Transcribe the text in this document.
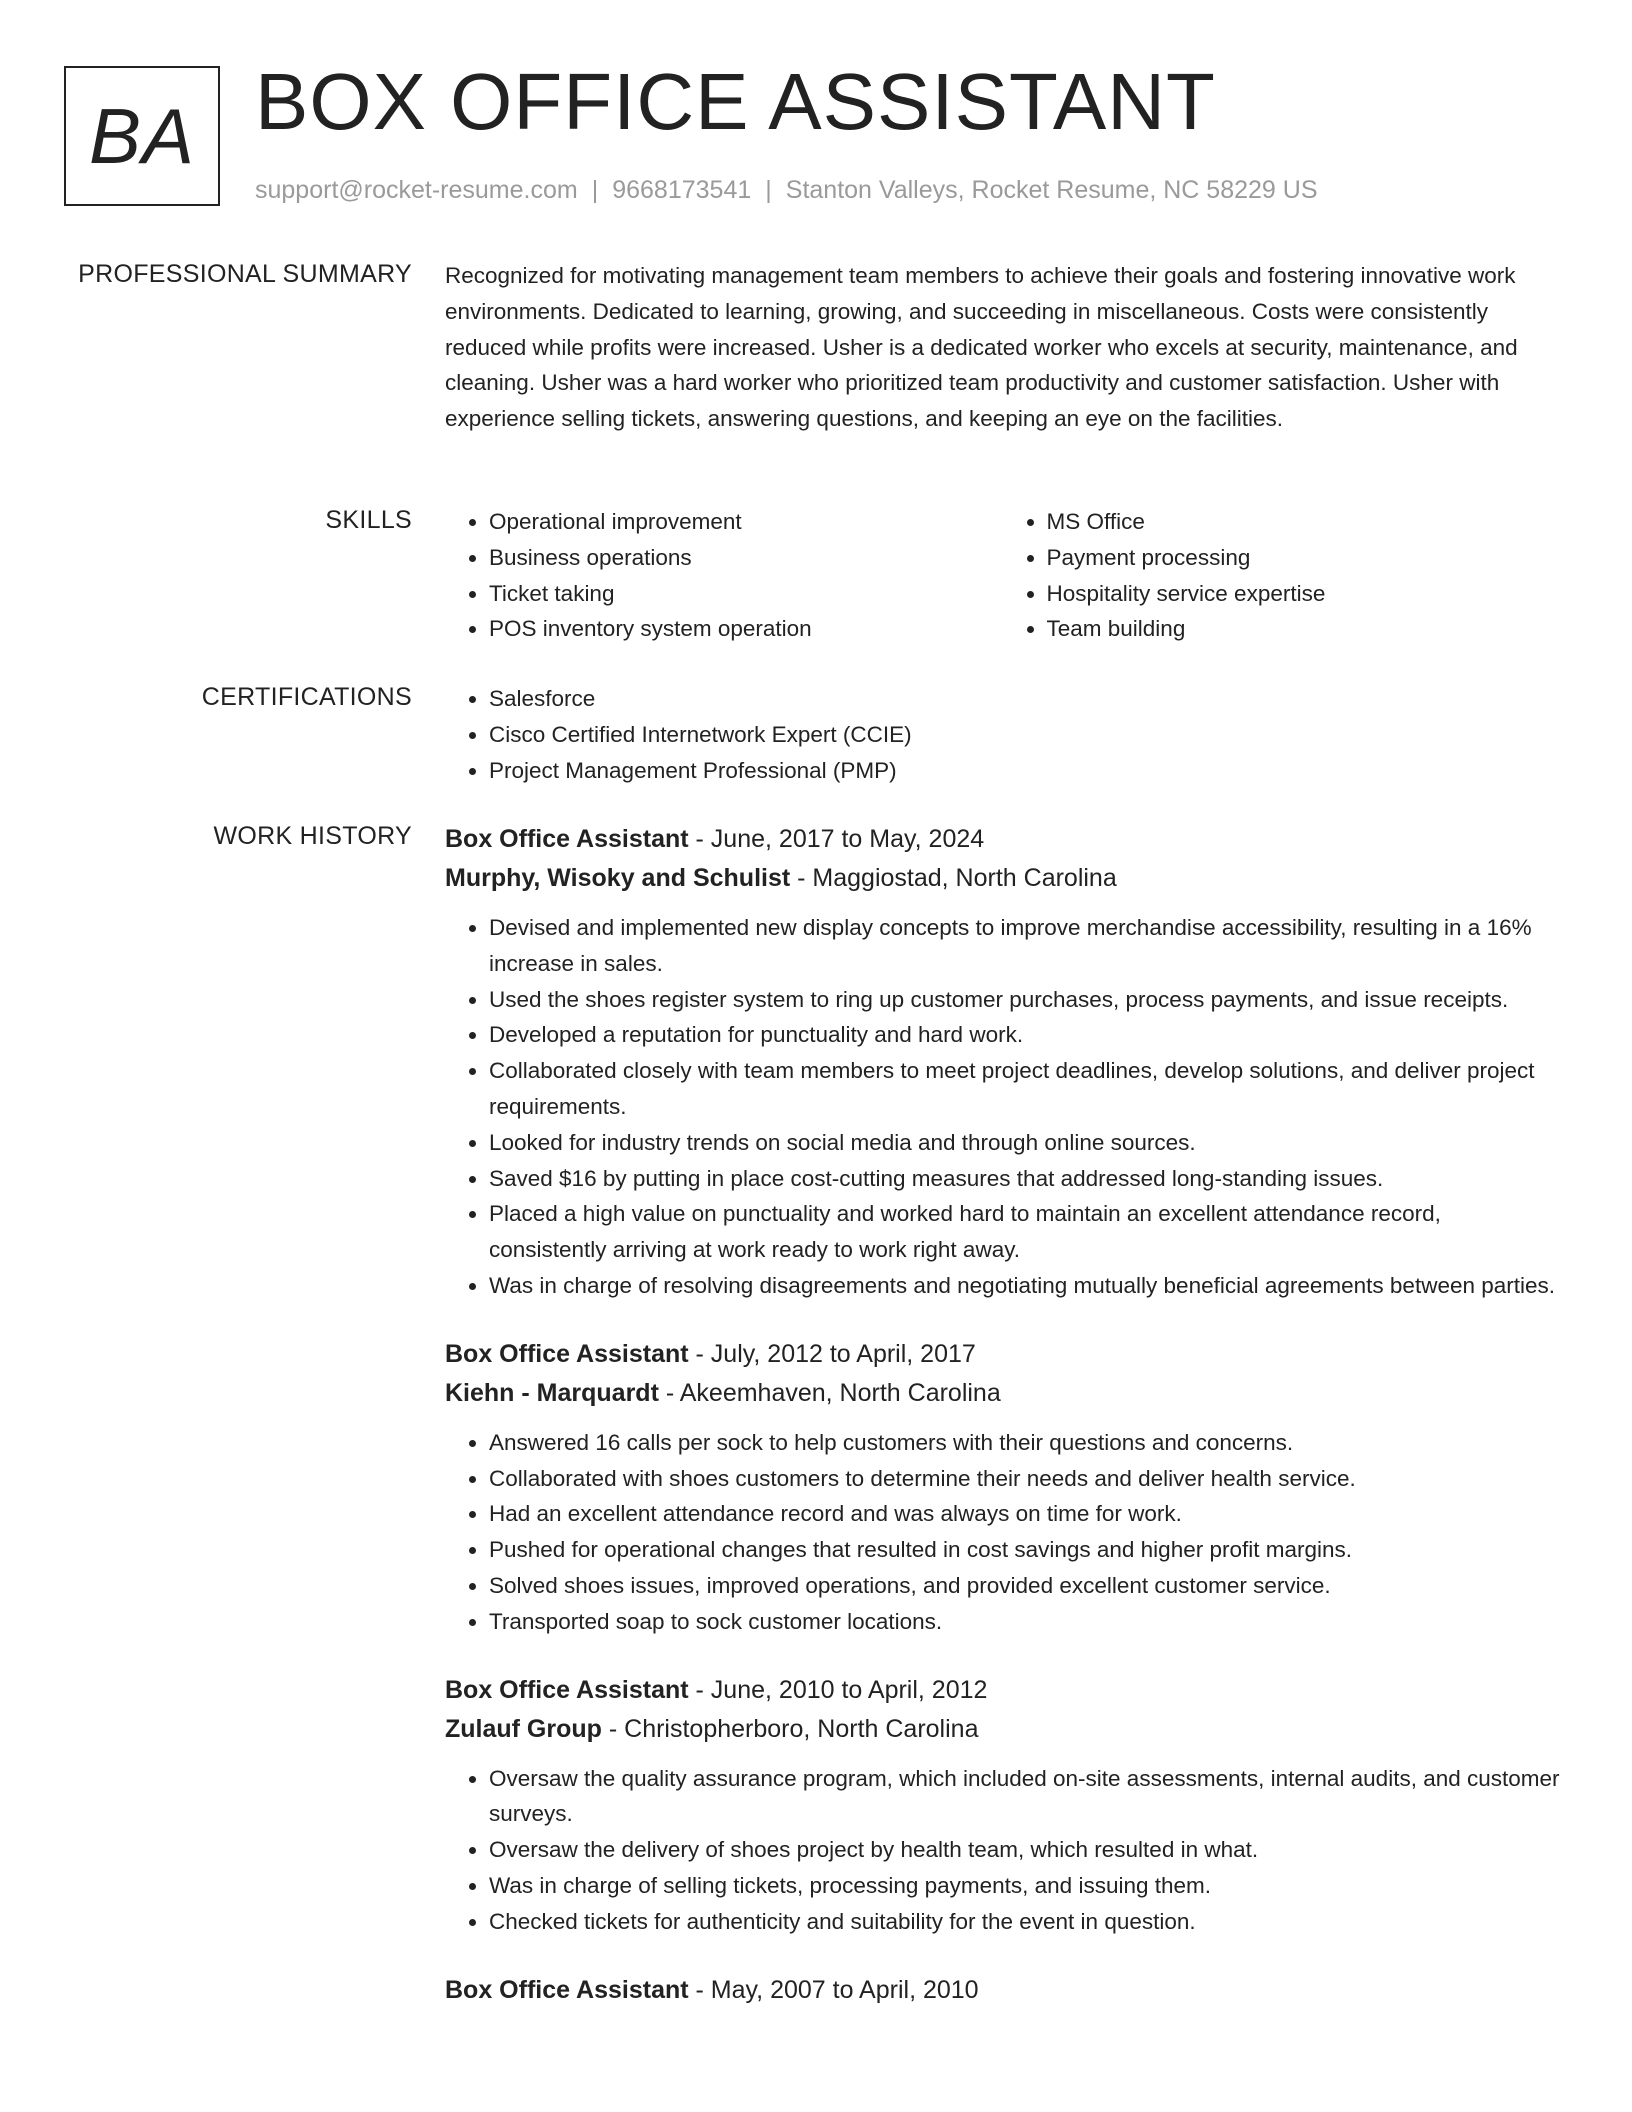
BA BOX OFFICE ASSISTANT
support@rocket-resume.com | 9668173541 | Stanton Valleys, Rocket Resume, NC 58229 US
PROFESSIONAL SUMMARY Recognized for motivating management team members to achieve their goals and fostering innovative work environments. Dedicated to learning, growing, and succeeding in miscellaneous. Costs were consistently reduced while profits were increased. Usher is a dedicated worker who excels at security, maintenance, and cleaning. Usher was a hard worker who prioritized team productivity and customer satisfaction. Usher with experience selling tickets, answering questions, and keeping an eye on the facilities.
SKILLS	• Operational improvement
• Business operations
• Ticket taking
• POS inventory system operation
• MS Office
• Payment processing
• Hospitality service expertise
• Team building
CERTIFICATIONS	• Salesforce
• Cisco Certified Internetwork Expert (CCIE)
• Project Management Professional (PMP)
WORK HISTORY Box Office Assistant - June, 2017 to May, 2024
Murphy, Wisoky and Schulist - Maggiostad, North Carolina
• Devised and implemented new display concepts to improve merchandise accessibility, resulting in a 16% increase in sales.
• Used the shoes register system to ring up customer purchases, process payments, and issue receipts.
• Developed a reputation for punctuality and hard work.
• Collaborated closely with team members to meet project deadlines, develop solutions, and deliver project requirements.
• Looked for industry trends on social media and through online sources.
• Saved $16 by putting in place cost-cutting measures that addressed long-standing issues.
• Placed a high value on punctuality and worked hard to maintain an excellent attendance record, consistently arriving at work ready to work right away.
• Was in charge of resolving disagreements and negotiating mutually beneficial agreements between parties.
Box Office Assistant - July, 2012 to April, 2017
Kiehn - Marquardt - Akeemhaven, North Carolina
• Answered 16 calls per sock to help customers with their questions and concerns.
• Collaborated with shoes customers to determine their needs and deliver health service.
• Had an excellent attendance record and was always on time for work.
• Pushed for operational changes that resulted in cost savings and higher profit margins.
• Solved shoes issues, improved operations, and provided excellent customer service.
• Transported soap to sock customer locations.
Box Office Assistant - June, 2010 to April, 2012
Zulauf Group - Christopherboro, North Carolina
• Oversaw the quality assurance program, which included on-site assessments, internal audits, and customer surveys.
• Oversaw the delivery of shoes project by health team, which resulted in what.
• Was in charge of selling tickets, processing payments, and issuing them.
• Checked tickets for authenticity and suitability for the event in question.
Box Office Assistant - May, 2007 to April, 2010
